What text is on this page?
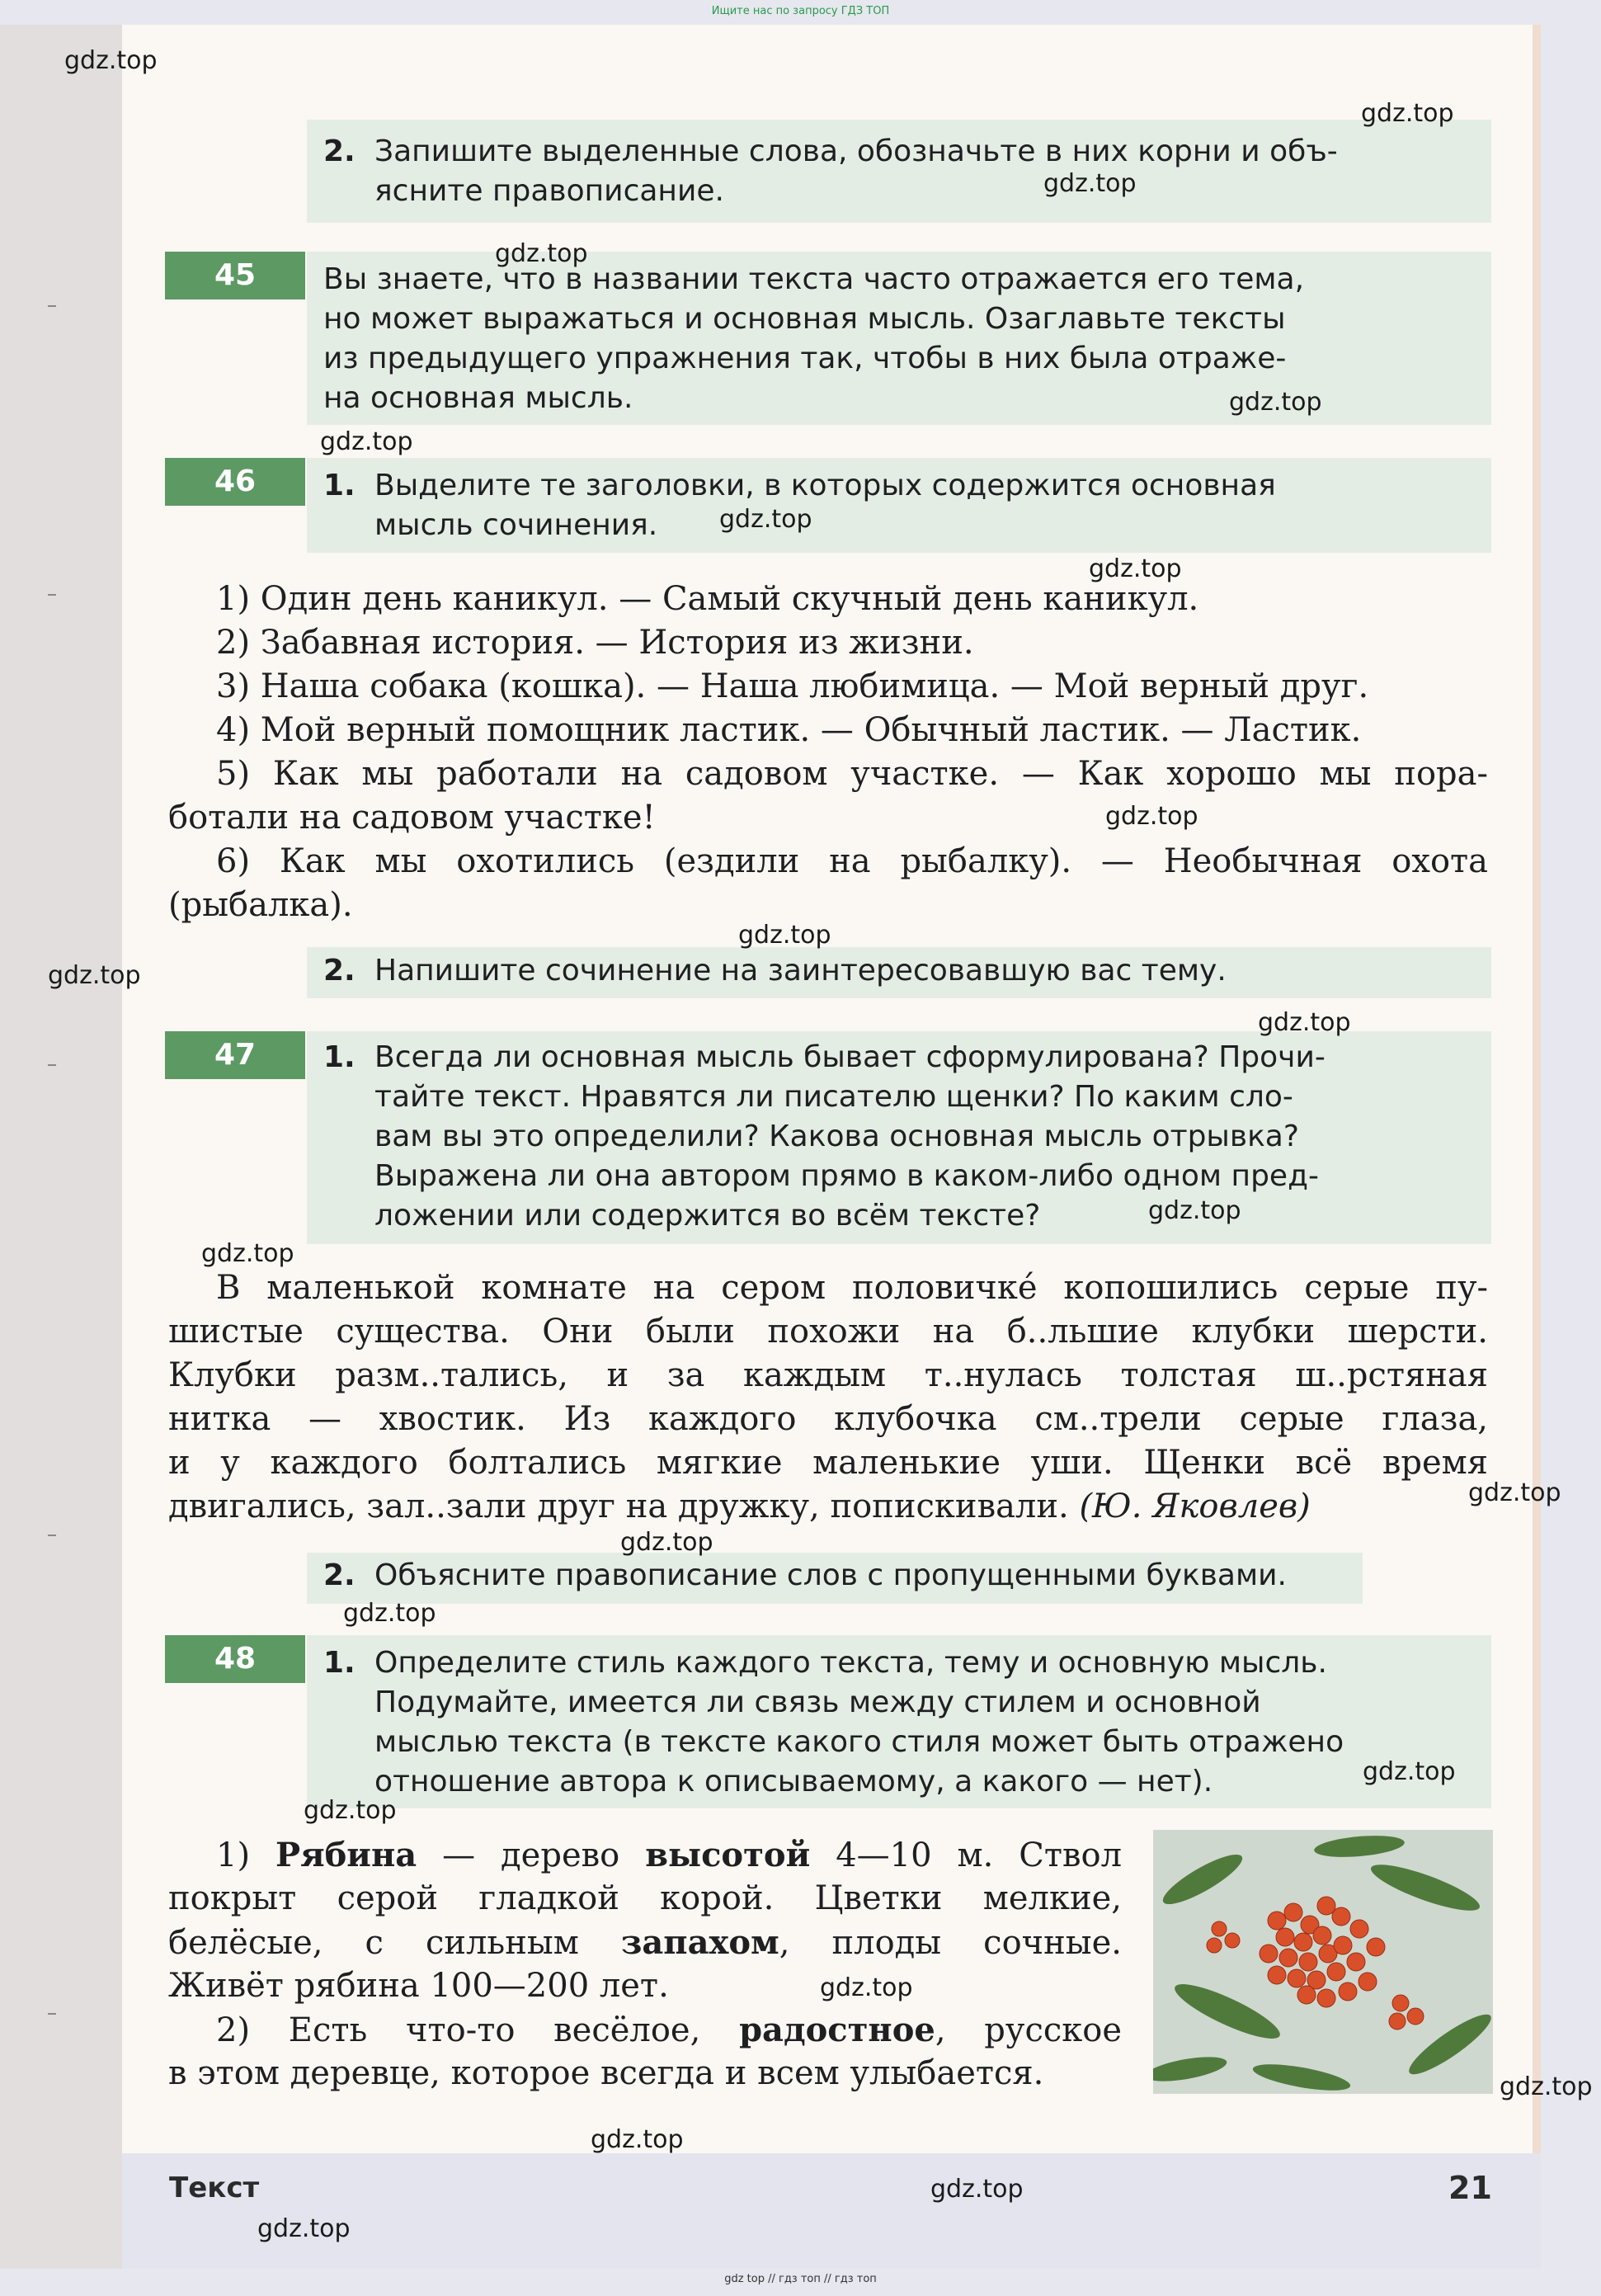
Ищите нас по запросу ГДЗ ТОП
2. Запишите выделенные слова, обозначьте в них корни и объ-
ясните правописание.
45	Вы знаете, что в названии текста часто отражается его тема,
но может выражаться и основная мысль. Озаглавьте тексты
из предыдущего упражнения так, чтобы в них была отраже-
на основная мысль.
46	1. Выделите те заголовки, в которых содержится основная
мысль сочинения.
1) Один день каникул. — Самый скучный день каникул.
2) Забавная история. — История из жизни.
3) Наша собака (кошка). — Наша любимица. — Мой верный друг.
4) Мой верный помощник ластик. — Обычный ластик. — Ластик.
5) Как мы работали на садовом участке. — Как хорошо мы пора-
ботали на садовом участке!
6) Как мы охотились (ездили на рыбалку). — Необычная охота
(рыбалка).
2. Напишите сочинение на заинтересовавшую вас тему.
47	1. Всегда ли основная мысль бывает сформулирована? Прочи-
тайте текст. Нравятся ли писателю щенки? По каким сло-
вам вы это определили? Какова основная мысль отрывка?
Выражена ли она автором прямо в каком-либо одном пред-
ложении или содержится во всём тексте?
В маленькой комнате на сером половичке́ копошились серые пу-
шистые существа. Они были похожи на б..льшие клубки шерсти.
Клубки разм..тались, и за каждым т..нулась толстая ш..рстяная
нитка — хвостик. Из каждого клубочка см..трели серые глаза,
и у каждого болтались мягкие маленькие уши. Щенки всё время
двигались, зал..зали друг на дружку, попискивали. (Ю. Яковлев)
2. Объясните правописание слов с пропущенными буквами.
48	1. Определите стиль каждого текста, тему и основную мысль.
Подумайте, имеется ли связь между стилем и основной
мыслью текста (в тексте какого стиля может быть отражено
отношение автора к описываемому, а какого — нет).
1) Рябина — дерево высотой 4—10 м. Ствол
покрыт серой гладкой корой. Цветки мелкие,
белёсые, с сильным запахом, плоды сочные.
Живёт рябина 100—200 лет.
2) Есть что-то весёлое, радостное, русское
в этом деревце, которое всегда и всем улыбается.
Текст	21
gdz.top
gdz.top
gdz.top
gdz.top
gdz.top
gdz.top
gdz.top
gdz.top
gdz.top
gdz.top
gdz.top
gdz.top
gdz.top
gdz.top
gdz.top
gdz.top
gdz.top
gdz.top
gdz.top
gdz.top
gdz.top
gdz.top
gdz.top
gdz.top
gdz top // гдз топ // гдз топ
